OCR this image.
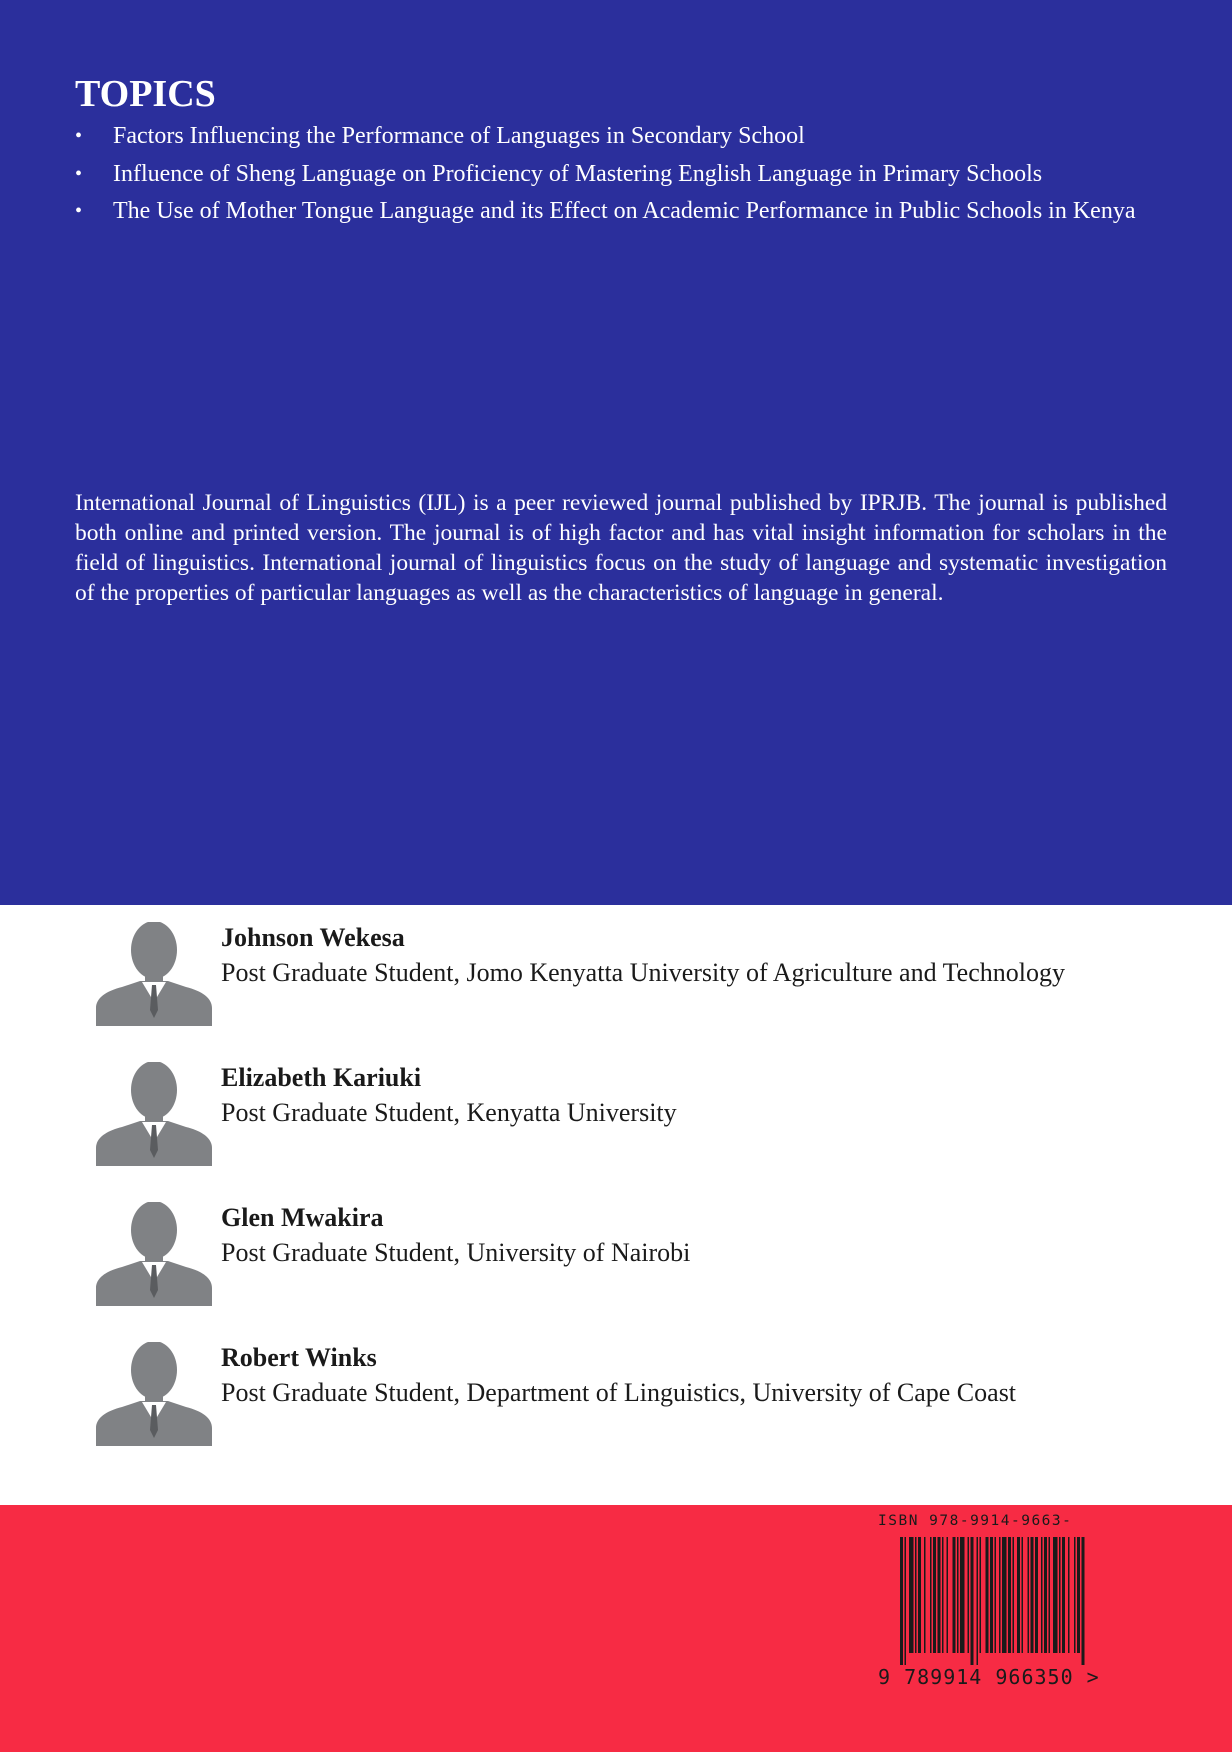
TOPICS
• Factors Influencing the Performance of Languages in Secondary School
• Influence of Sheng Language on Proficiency of Mastering English Language in Primary Schools
• The Use of Mother Tongue Language and its Effect on Academic Performance in Public Schools in Kenya

International Journal of Linguistics (IJL) is a peer reviewed journal published by IPRJB. The journal is published both online and printed version. The journal is of high factor and has vital insight information for scholars in the field of linguistics. International journal of linguistics focus on the study of language and systematic investigation of the properties of particular languages as well as the characteristics of language in general.

Johnson Wekesa

Post Graduate Student, Jomo Kenyatta University of Agriculture and Technology

Elizabeth Kariuki

Post Graduate Student, Kenyatta University

Glen Mwakira

Post Graduate Student, University of Nairobi

Robert Winks

Post Graduate Student, Department of Linguistics, University of Cape Coast

ISBN 978-9914-9663-

9 789914 966350 >
